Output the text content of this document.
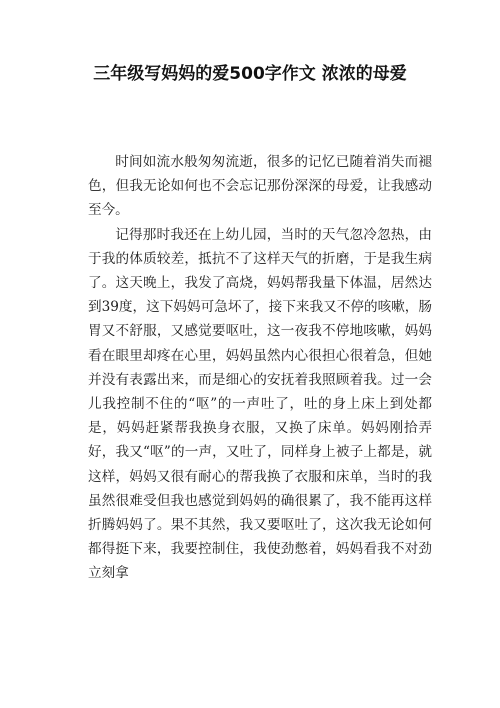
三年级写妈妈的爱500字作文 浓浓的母爱

时间如流水般匆匆流逝，很多的记忆已随着消失而褪色，但我无论如何也不会忘记那份深深的母爱，让我感动至今。

记得那时我还在上幼儿园，当时的天气忽冷忽热，由于我的体质较差，抵抗不了这样天气的折磨，于是我生病了。这天晚上，我发了高烧，妈妈帮我量下体温，居然达到39度，这下妈妈可急坏了，接下来我又不停的咳嗽，肠胃又不舒服，又感觉要呕吐，这一夜我不停地咳嗽，妈妈看在眼里却疼在心里，妈妈虽然内心很担心很着急，但她并没有表露出来，而是细心的安抚着我照顾着我。过一会儿我控制不住的“呕”的一声吐了，吐的身上床上到处都是，妈妈赶紧帮我换身衣服，又换了床单。妈妈刚拾弄好，我又“呕”的一声，又吐了，同样身上被子上都是，就这样，妈妈又很有耐心的帮我换了衣服和床单，当时的我虽然很难受但我也感觉到妈妈的确很累了，我不能再这样折腾妈妈了。果不其然，我又要呕吐了，这次我无论如何都得挺下来，我要控制住，我使劲憋着，妈妈看我不对劲立刻拿
